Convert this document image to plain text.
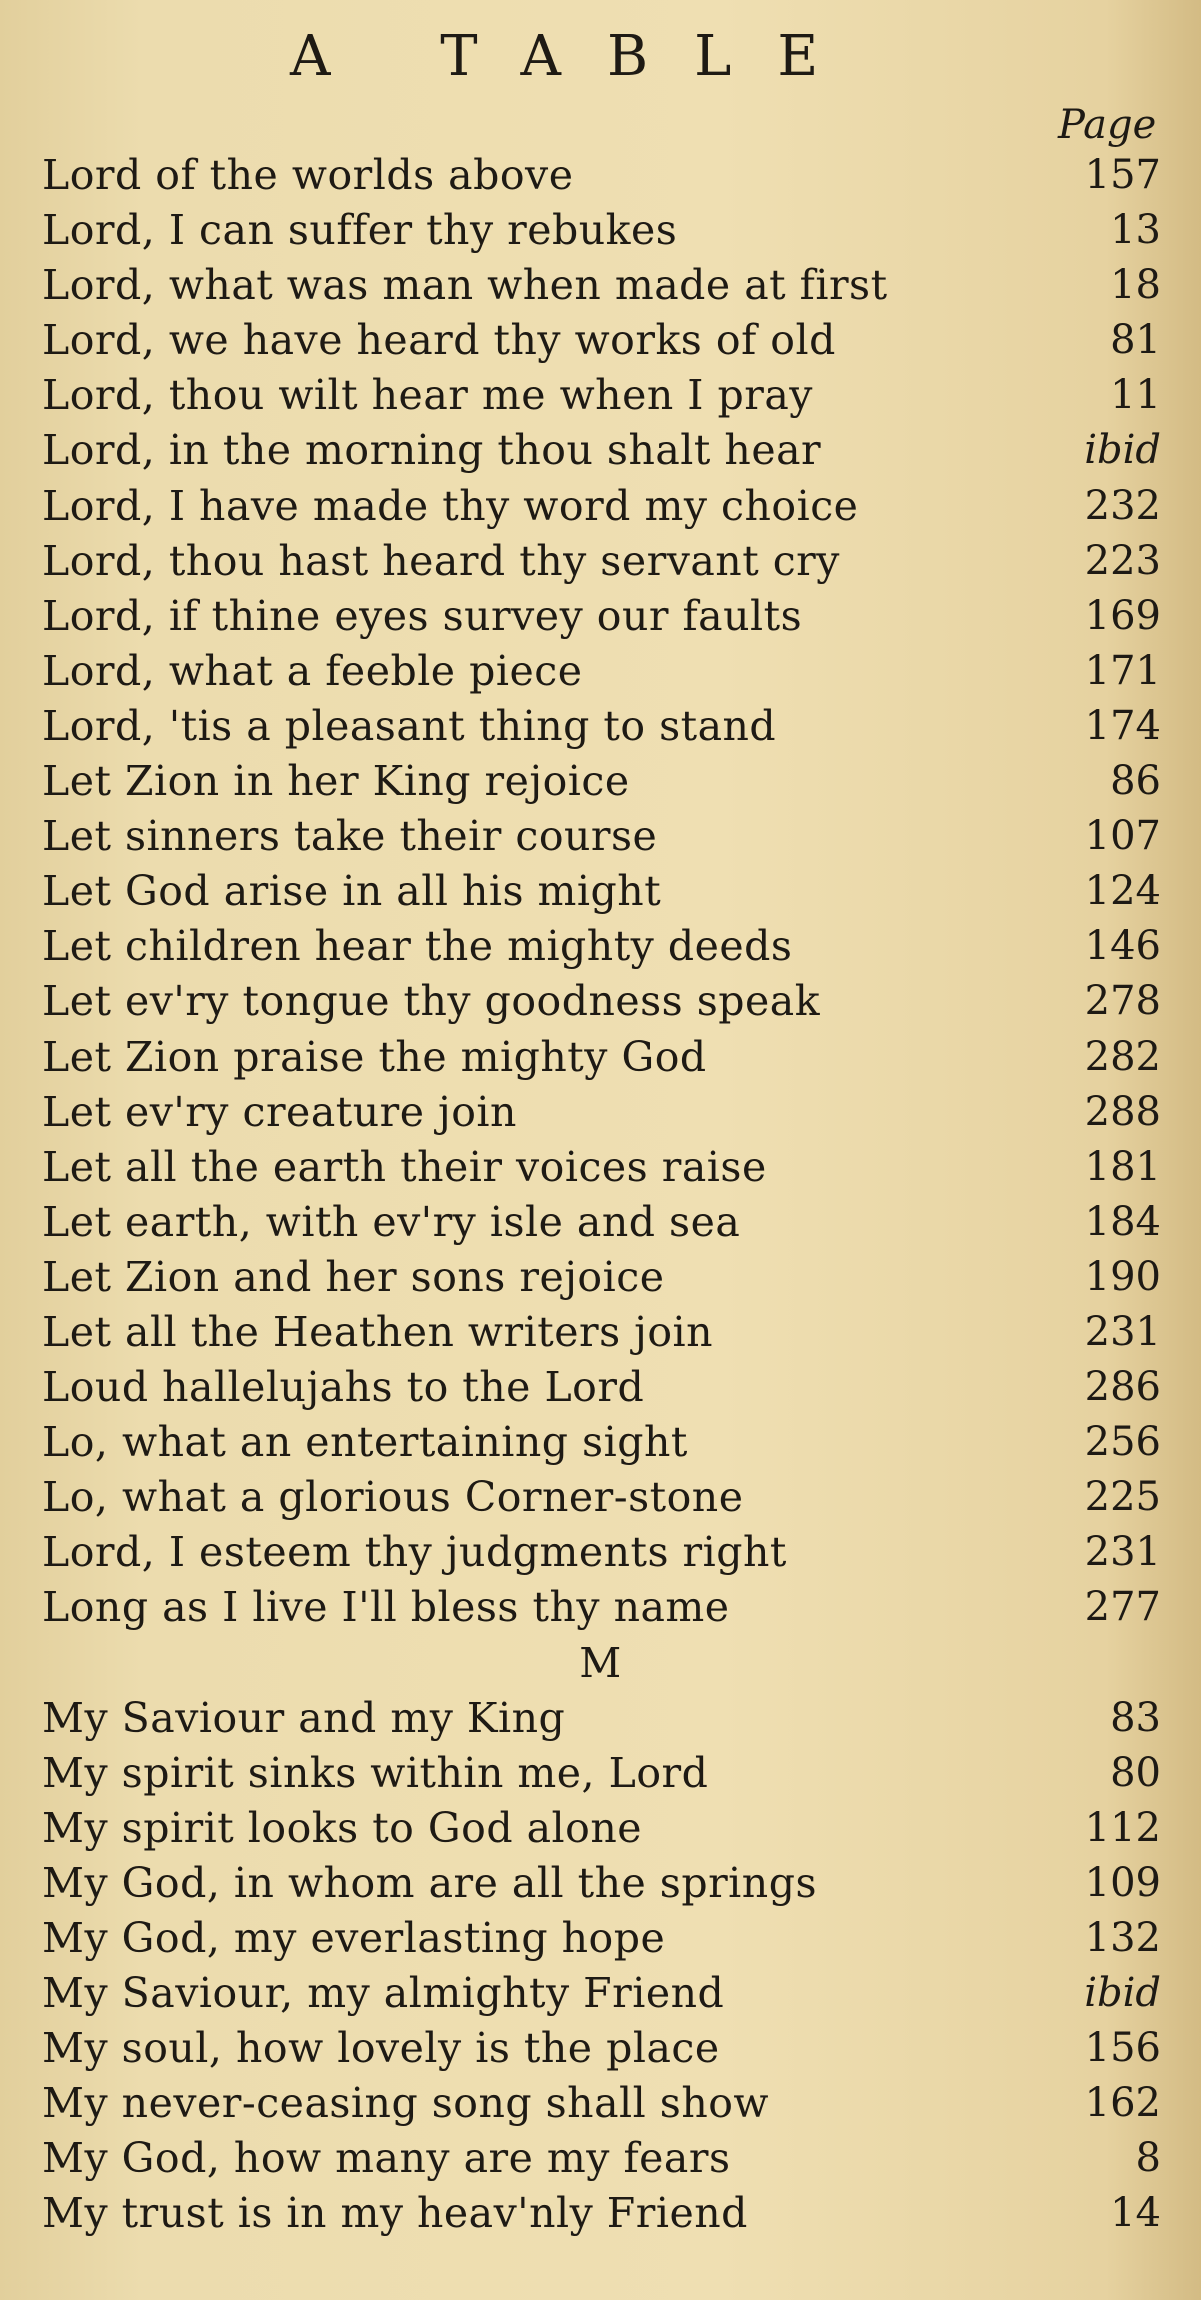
A TABLE
Page
Lord of the worlds above	157
Lord, I can suffer thy rebukes	13
Lord, what was man when made at first	18
Lord, we have heard thy works of old	81
Lord, thou wilt hear me when I pray	11
Lord, in the morning thou shalt hear	ibid
Lord, I have made thy word my choice	232
Lord, thou hast heard thy servant cry	223
Lord, if thine eyes survey our faults	169
Lord, what a feeble piece	171
Lord, 'tis a pleasant thing to stand	174
Let Zion in her King rejoice	86
Let sinners take their course	107
Let God arise in all his might	124
Let children hear the mighty deeds	146
Let ev'ry tongue thy goodness speak	278
Let Zion praise the mighty God	282
Let ev'ry creature join	288
Let all the earth their voices raise	181
Let earth, with ev'ry isle and sea	184
Let Zion and her sons rejoice	190
Let all the Heathen writers join	231
Loud hallelujahs to the Lord	286
Lo, what an entertaining sight	256
Lo, what a glorious Corner-stone	225
Lord, I esteem thy judgments right	231
Long as I live I'll bless thy name	277
M
My Saviour and my King	83
My spirit sinks within me, Lord	80
My spirit looks to God alone	112
My God, in whom are all the springs	109
My God, my everlasting hope	132
My Saviour, my almighty Friend	ibid
My soul, how lovely is the place	156
My never-ceasing song shall show	162
My God, how many are my fears	8
My trust is in my heav'nly Friend	14
